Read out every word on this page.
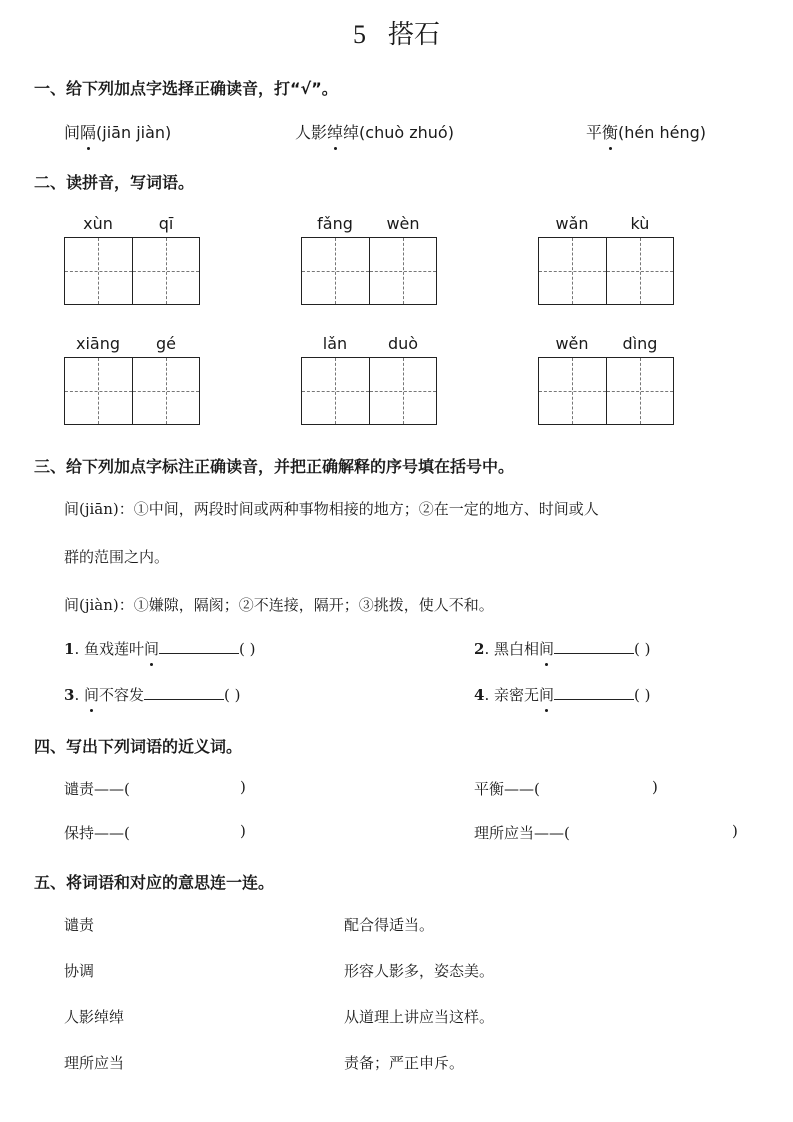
5 搭石
一、给下列加点字选择正确读音，打“√”。
间隔(jiān jiàn)	人影绰绰(chuò zhuó)	平衡(hén héng)
二、读拼音，写词语。
xùn	qī	fǎng	wèn	wǎn	kù
xiāng	gé	lǎn	duò	wěn	dìng
三、给下列加点字标注正确读音，并把正确解释的序号填在括号中。
间(jiān)：①中间，两段时间或两种事物相接的地方；②在一定的地方、时间或人
群的范围之内。
间(jiàn)：①嫌隙，隔阂；②不连接，隔开；③挑拨，使人不和。
1. 鱼戏莲叶间	( )	2. 黑白相间	( )
3. 间不容发	( )	4. 亲密无间	( )
四、写出下列词语的近义词。
谴责——(	)	平衡——(	)
保持——(	)	理所应当——(	)
五、将词语和对应的意思连一连。
谴责
协调
人影绰绰
理所应当
配合得适当。
形容人影多，姿态美。
从道理上讲应当这样。
责备；严正申斥。
